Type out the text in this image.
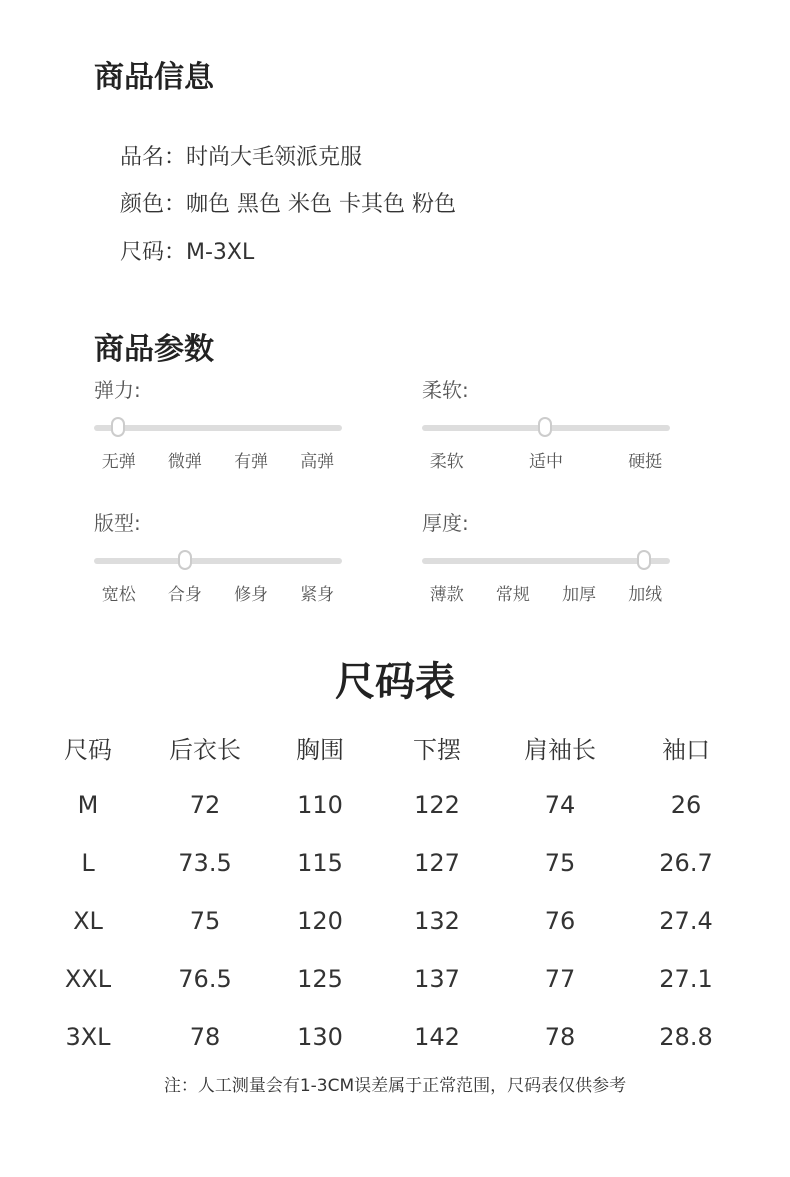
商品信息
品名：时尚大毛领派克服
颜色：咖色 黑色 米色 卡其色 粉色
尺码：M-3XL
商品参数
弹力:
无弹 微弹 有弹 高弹
柔软:
柔软	适中	硬挺
版型:
宽松 合身 修身 紧身
厚度:
薄款 常规 加厚 加绒
尺码表
尺码	后衣长	胸围	下摆	肩袖长	袖口
M	72	110	122	74	26
L	73.5	115	127	75	26.7
XL	75	120	132	76	27.4
XXL	76.5	125	137	77	27.1
3XL	78	130	142	78	28.8
注：人工测量会有1-3CM误差属于正常范围，尺码表仅供参考
